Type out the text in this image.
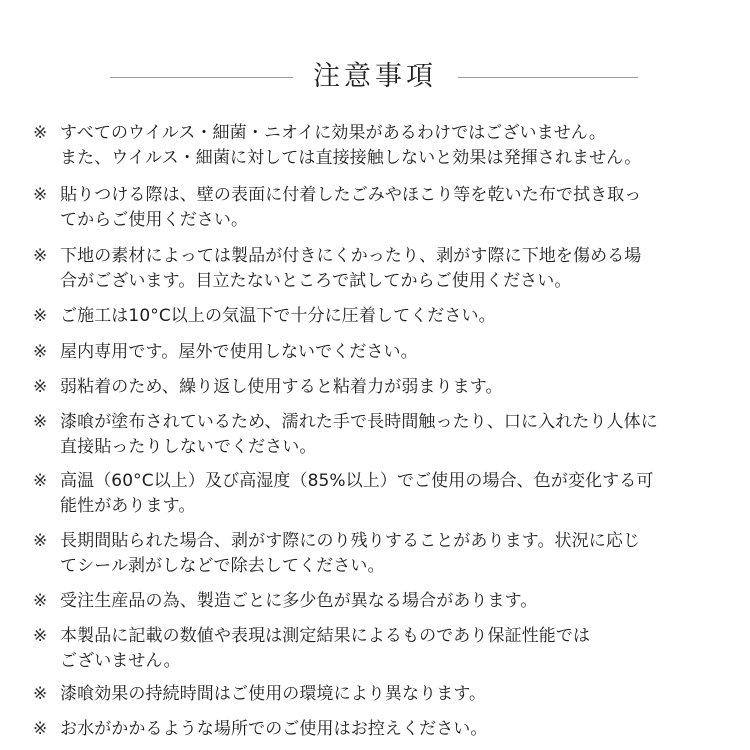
注意事項
※ すべてのウイルス・細菌・ニオイに効果があるわけではございません。
また、ウイルス・細菌に対しては直接接触しないと効果は発揮されません。
※ 貼りつける際は、壁の表面に付着したごみやほこり等を乾いた布で拭き取っ
てからご使用ください。
※ 下地の素材によっては製品が付きにくかったり、剥がす際に下地を傷める場
合がございます。目立たないところで試してからご使用ください。
※ ご施工は10°C以上の気温下で十分に圧着してください。
※ 屋内専用です。屋外で使用しないでください。
※ 弱粘着のため、繰り返し使用すると粘着力が弱まります。
※ 漆喰が塗布されているため、濡れた手で長時間触ったり、口に入れたり人体に
直接貼ったりしないでください。
※ 高温（60°C以上）及び高湿度（85%以上）でご使用の場合、色が変化する可
能性があります。
※ 長期間貼られた場合、剥がす際にのり残りすることがあります。状況に応じ
てシール剥がしなどで除去してください。
※ 受注生産品の為、製造ごとに多少色が異なる場合があります。
※ 本製品に記載の数値や表現は測定結果によるものであり保証性能では
ございません。
※ 漆喰効果の持続時間はご使用の環境により異なります。
※ お水がかかるような場所でのご使用はお控えください。
